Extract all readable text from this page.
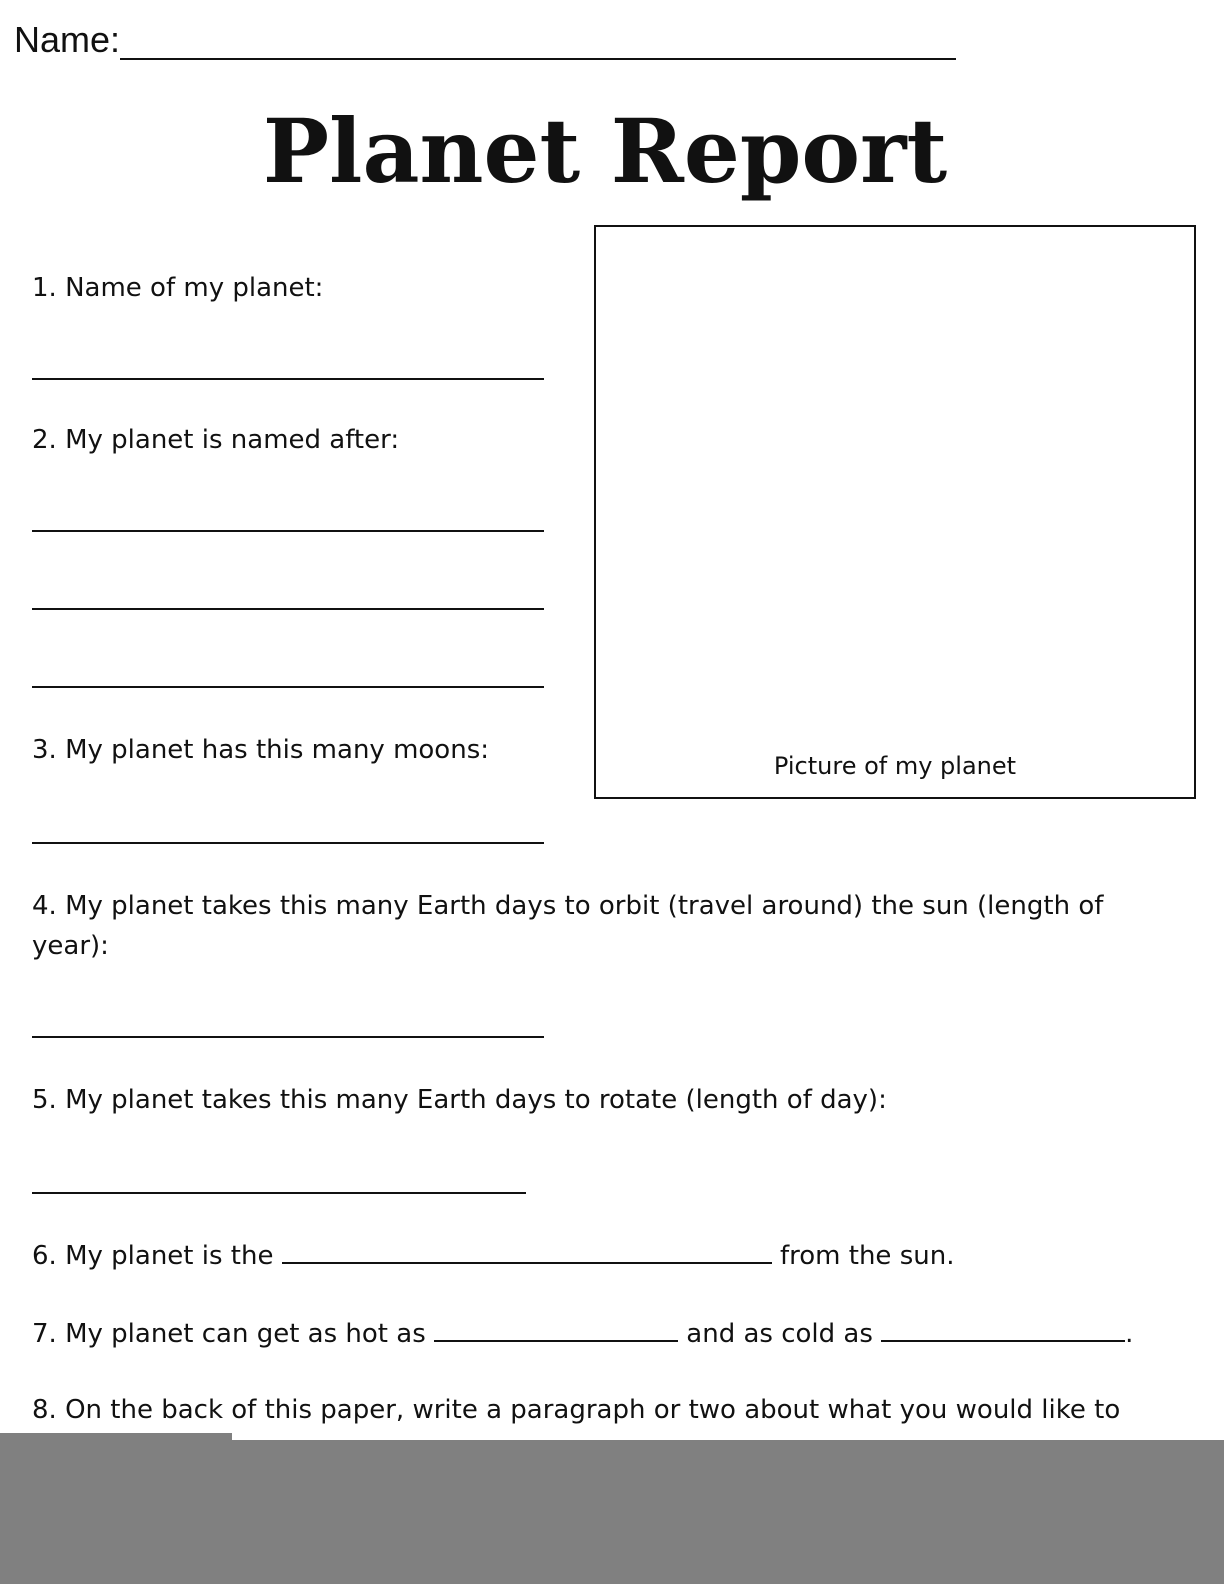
Name:
Planet Report
Picture of my planet
1. Name of my planet:
2. My planet is named after:
3. My planet has this many moons:
4. My planet takes this many Earth days to orbit (travel around) the sun (length of
year):
5. My planet takes this many Earth days to rotate (length of day):
6. My planet is the	from the sun.
7. My planet can get as hot as	and as cold as	.
8. On the back of this paper, write a paragraph or two about what you would like to
